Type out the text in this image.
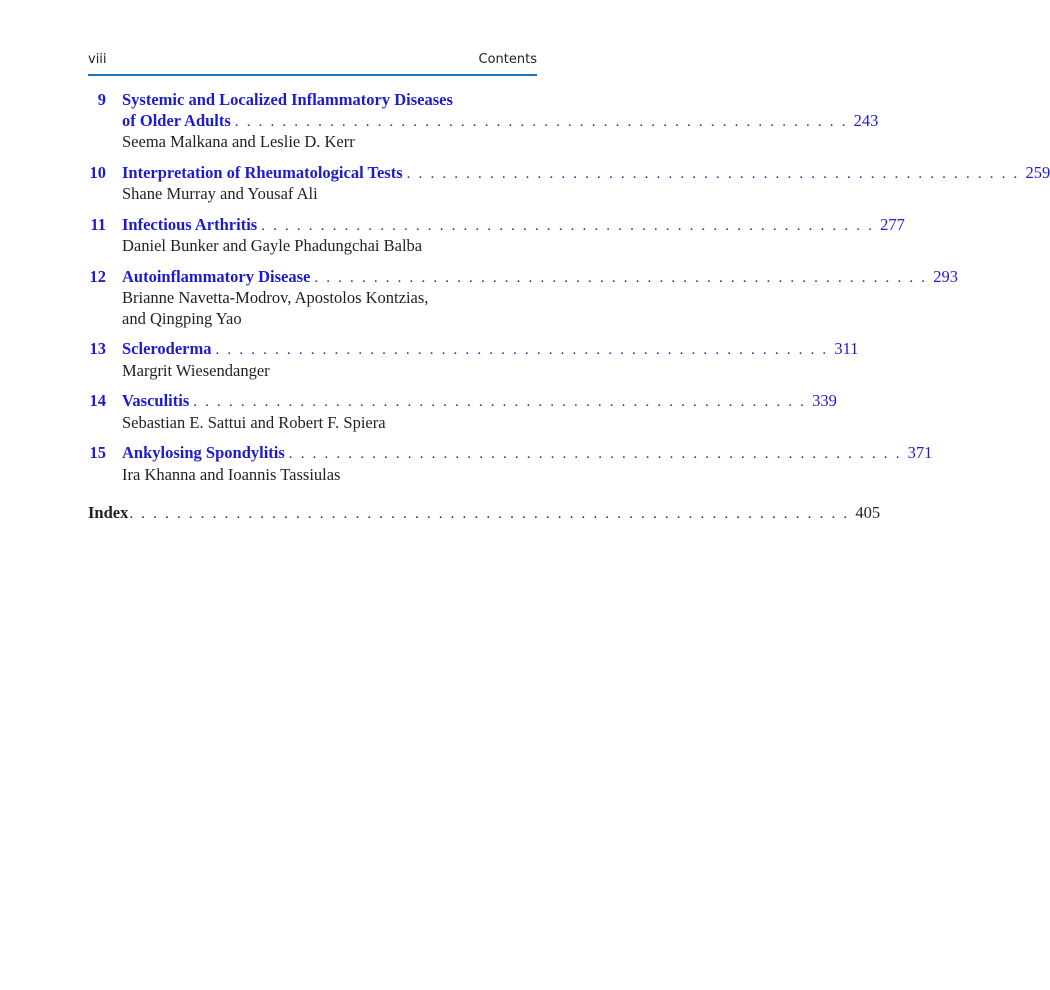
viii	Contents
9 Systemic and Localized Inflammatory Diseases
of Older Adults . . . . . . . . . . . . . . . . . . . . . . . . . . . . . . . . . . . . . . . . . . . . . . . . . . . . 243
Seema Malkana and Leslie D. Kerr
10 Interpretation of Rheumatological Tests . . . . . . . . . . . . . . . . . . . . . . . . . . . . . . . . . . . . . . . . . . . . . . . . . . . . 259
Shane Murray and Yousaf Ali
11 Infectious Arthritis . . . . . . . . . . . . . . . . . . . . . . . . . . . . . . . . . . . . . . . . . . . . . . . . . . . . 277
Daniel Bunker and Gayle Phadungchai Balba
12 Autoinflammatory Disease . . . . . . . . . . . . . . . . . . . . . . . . . . . . . . . . . . . . . . . . . . . . . . . . . . . . 293
Brianne Navetta-Modrov, Apostolos Kontzias,
and Qingping Yao
13 Scleroderma . . . . . . . . . . . . . . . . . . . . . . . . . . . . . . . . . . . . . . . . . . . . . . . . . . . . 311
Margrit Wiesendanger
14 Vasculitis . . . . . . . . . . . . . . . . . . . . . . . . . . . . . . . . . . . . . . . . . . . . . . . . . . . . 339
Sebastian E. Sattui and Robert F. Spiera
15 Ankylosing Spondylitis . . . . . . . . . . . . . . . . . . . . . . . . . . . . . . . . . . . . . . . . . . . . . . . . . . . . 371
Ira Khanna and Ioannis Tassiulas
Index . . . . . . . . . . . . . . . . . . . . . . . . . . . . . . . . . . . . . . . . . . . . . . . . . . . . . . . . . . . . . 405
